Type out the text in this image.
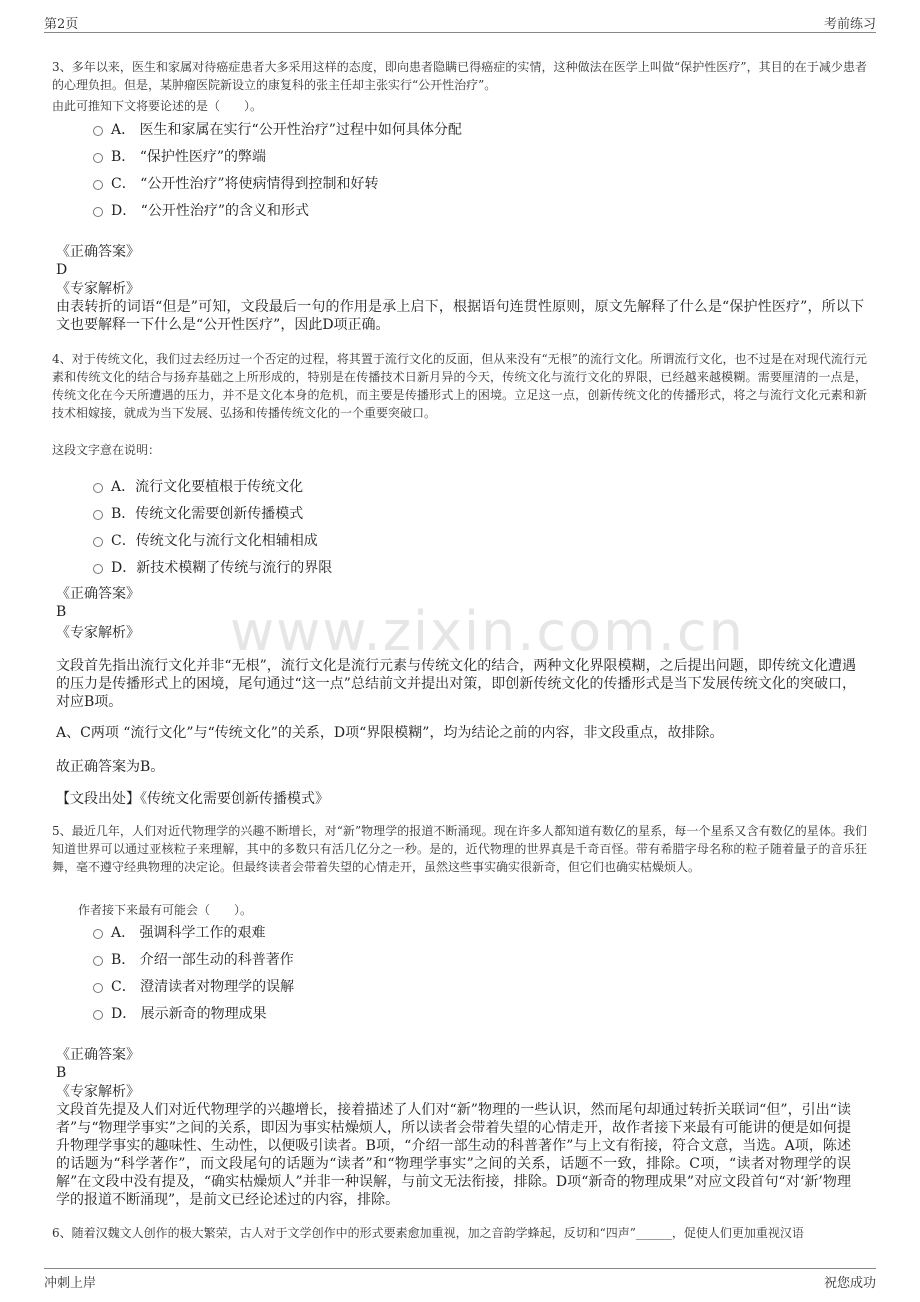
第2页	考前练习
www.zixin.com.cn
3、多年以来，医生和家属对待癌症患者大多采用这样的态度，即向患者隐瞒已得癌症的实情，这种做法在医学上叫做“保护性医疗”，其目的在于减少患者的心理负担。但是，某肿瘤医院新设立的康复科的张主任却主张实行“公开性治疗”。
由此可推知下文将要论述的是（　　）。
A． 医生和家属在实行“公开性治疗”过程中如何具体分配
B． “保护性医疗”的弊端
C． “公开性治疗”将使病情得到控制和好转
D． “公开性治疗”的含义和形式
《正确答案》
D
《专家解析》
由表转折的词语“但是”可知，文段最后一句的作用是承上启下，根据语句连贯性原则，原文先解释了什么是“保护性医疗”，所以下文也要解释一下什么是“公开性医疗”，因此D项正确。
4、对于传统文化，我们过去经历过一个否定的过程，将其置于流行文化的反面，但从来没有“无根”的流行文化。所谓流行文化，也不过是在对现代流行元素和传统文化的结合与扬弃基础之上所形成的，特别是在传播技术日新月异的今天，传统文化与流行文化的界限，已经越来越模糊。需要厘清的一点是，传统文化在今天所遭遇的压力，并不是文化本身的危机，而主要是传播形式上的困境。立足这一点，创新传统文化的传播形式，将之与流行文化元素和新技术相嫁接，就成为当下发展、弘扬和传播传统文化的一个重要突破口。
这段文字意在说明：
A．流行文化要植根于传统文化
B．传统文化需要创新传播模式
C．传统文化与流行文化相辅相成
D．新技术模糊了传统与流行的界限
《正确答案》
B
《专家解析》
文段首先指出流行文化并非“无根”，流行文化是流行元素与传统文化的结合，两种文化界限模糊，之后提出问题，即传统文化遭遇的压力是传播形式上的困境，尾句通过“这一点”总结前文并提出对策，即创新传统文化的传播形式是当下发展传统文化的突破口，对应B项。
A、C两项 “流行文化”与“传统文化”的关系，D项“界限模糊”，均为结论之前的内容，非文段重点，故排除。
故正确答案为B。
【文段出处】《传统文化需要创新传播模式》
5、最近几年，人们对近代物理学的兴趣不断增长，对“新”物理学的报道不断涌现。现在许多人都知道有数亿的星系，每一个星系又含有数亿的星体。我们知道世界可以通过亚核粒子来理解，其中的多数只有活几亿分之一秒。是的，近代物理的世界真是千奇百怪。带有希腊字母名称的粒子随着量子的音乐狂舞，毫不遵守经典物理的决定论。但最终读者会带着失望的心情走开，虽然这些事实确实很新奇，但它们也确实枯燥烦人。
作者接下来最有可能会（　　）。
A． 强调科学工作的艰难
B． 介绍一部生动的科普著作
C． 澄清读者对物理学的误解
D． 展示新奇的物理成果
《正确答案》
B
《专家解析》
文段首先提及人们对近代物理学的兴趣增长，接着描述了人们对“新”物理的一些认识，然而尾句却通过转折关联词“但”，引出“读者”与“物理学事实”之间的关系，即因为事实枯燥烦人，所以读者会带着失望的心情走开，故作者接下来最有可能讲的便是如何提升物理学事实的趣味性、生动性，以便吸引读者。B项，“介绍一部生动的科普著作”与上文有衔接，符合文意，当选。A项，陈述的话题为“科学著作”，而文段尾句的话题为“读者”和“物理学事实”之间的关系，话题不一致，排除。C项，“读者对物理学的误解”在文段中没有提及，“确实枯燥烦人”并非一种误解，与前文无法衔接，排除。D项“新奇的物理成果”对应文段首句“对‘新’物理学的报道不断涌现”，是前文已经论述过的内容，排除。
6、随着汉魏文人创作的极大繁荣，古人对于文学创作中的形式要素愈加重视，加之音韵学蜂起，反切和“四声”______，促使人们更加重视汉语
冲刺上岸	祝您成功
